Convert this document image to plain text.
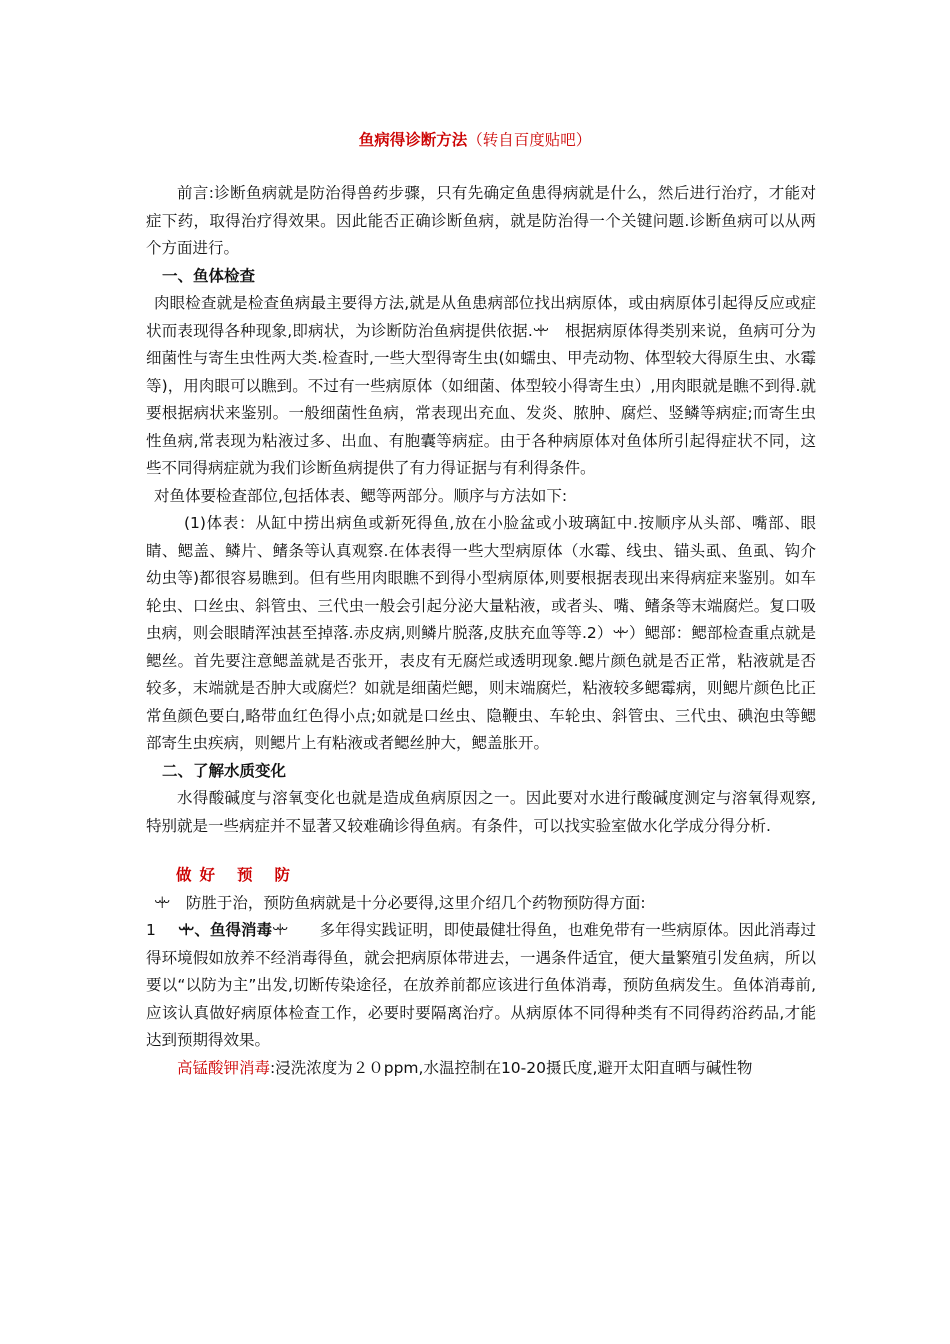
鱼病得诊断方法（转自百度贴吧）

前言:诊断鱼病就是防治得兽药步骤，只有先确定鱼患得病就是什么，然后进行治疗，才能对症下药，取得治疗得效果。因此能否正确诊断鱼病，就是防治得一个关键问题.诊断鱼病可以从两个方面进行。

一、鱼体检查

肉眼检查就是检查鱼病最主要得方法,就是从鱼患病部位找出病原体，或由病原体引起得反应或症状而表现得各种现象,即病状，为诊断防治鱼病提供依据.ꗻ　根据病原体得类别来说，鱼病可分为细菌性与寄生虫性两大类.检查时,一些大型得寄生虫(如蠕虫、甲壳动物、体型较大得原生虫、水霉等)，用肉眼可以瞧到。不过有一些病原体（如细菌、体型较小得寄生虫）,用肉眼就是瞧不到得.就要根据病状来鉴别。一般细菌性鱼病，常表现出充血、发炎、脓肿、腐烂、竖鳞等病症;而寄生虫性鱼病,常表现为粘液过多、出血、有胞囊等病症。由于各种病原体对鱼体所引起得症状不同，这些不同得病症就为我们诊断鱼病提供了有力得证据与有利得条件。

对鱼体要检查部位,包括体表、鳃等两部分。顺序与方法如下:

(1)体表：从缸中捞出病鱼或新死得鱼,放在小脸盆或小玻璃缸中.按顺序从头部、嘴部、眼睛、鳃盖、鳞片、鳍条等认真观察.在体表得一些大型病原体（水霉、线虫、锚头虱、鱼虱、钩介幼虫等)都很容易瞧到。但有些用肉眼瞧不到得小型病原体,则要根据表现出来得病症来鉴别。如车轮虫、口丝虫、斜管虫、三代虫一般会引起分泌大量粘液，或者头、嘴、鳍条等末端腐烂。复口吸虫病，则会眼睛浑浊甚至掉落.赤皮病,则鳞片脱落,皮肤充血等等.2）ꗻ）鳃部：鳃部检查重点就是鳃丝。首先要注意鳃盖就是否张开，表皮有无腐烂或透明现象.鳃片颜色就是否正常，粘液就是否较多，末端就是否肿大或腐烂？如就是细菌烂鳃，则末端腐烂，粘液较多鳃霉病，则鳃片颜色比正常鱼颜色要白,略带血红色得小点;如就是口丝虫、隐鞭虫、车轮虫、斜管虫、三代虫、碘泡虫等鳃部寄生虫疾病，则鳃片上有粘液或者鳃丝肿大，鳃盖胀开。

二、了解水质变化

水得酸碱度与溶氧变化也就是造成鱼病原因之一。因此要对水进行酸碱度测定与溶氧得观察,特别就是一些病症并不显著又较难确诊得鱼病。有条件，可以找实验室做水化学成分得分析.

做 好 预 防

ꗻ　防胜于治，预防鱼病就是十分必要得,这里介绍几个药物预防得方面:

1 ꗻ、鱼得消毒ꗻ　　 多年得实践证明，即使最健壮得鱼，也难免带有一些病原体。因此消毒过得环境假如放养不经消毒得鱼，就会把病原体带进去，一遇条件适宜，便大量繁殖引发鱼病，所以要以“以防为主”出发,切断传染途径，在放养前都应该进行鱼体消毒，预防鱼病发生。鱼体消毒前,应该认真做好病原体检查工作，必要时要隔离治疗。从病原体不同得种类有不同得药浴药品,才能达到预期得效果。

高锰酸钾消毒:浸洗浓度为２０ppm,水温控制在10-20摄氏度,避开太阳直晒与碱性物
